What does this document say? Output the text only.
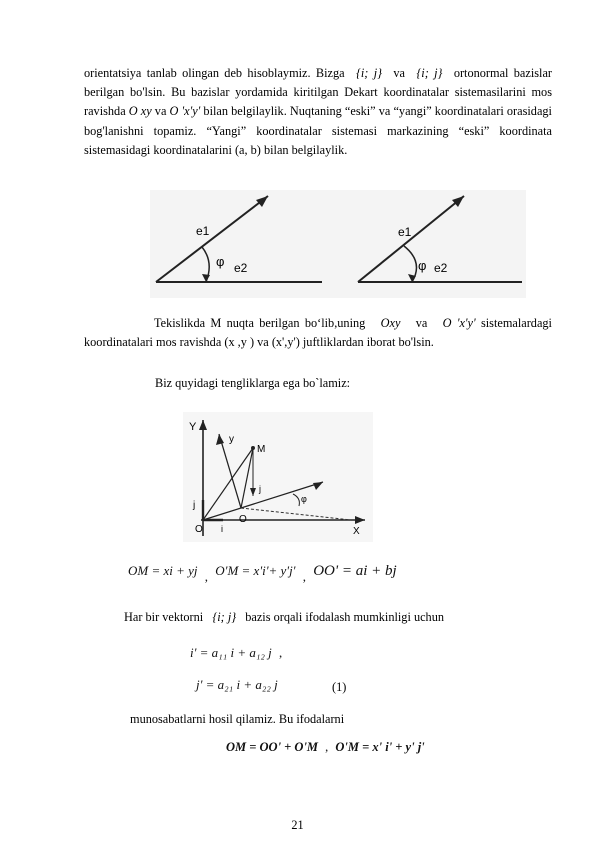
orientatsiya tanlab olingan deb hisoblaymiz. Bizga {i; j} va {i; j} ortonormal bazislar berilgan bo'lsin. Bu bazislar yordamida kiritilgan Dekart koordinatalar sistemasilarini mos ravishda O xy va O 'x'y' bilan belgilaylik. Nuqtaning “eski” va “yangi” koordinatalari orasidagi bog'lanishni topamiz. “Yangi” koordinatalar sistemasi markazining “eski” koordinata sistemasidagi koordinatalarini (a, b) bilan belgilaylik.
e1
φ e2
e1
φ e2
Tekislikda M nuqta berilgan bo‘lib,uning Oxy va O 'x'y' sistemalardagi koordinatalari mos ravishda (x ,y ) va (x',y') juftliklardan iborat bo'lsin.
Biz quyidagi tengliklarga ega bo`lamiz:
Y
X
O
j
i
O
y
M
j
φ
OM = xi + yj , O'M = x'i'+ y'j' , OO' = ai + bj
Har bir vektorni {i; j} bazis orqali ifodalash mumkinligi uchun
i' = a₁₁ i + a₁₂ j ,
j' = a₂₁ i + a₂₂ j	(1)
munosabatlarni hosil qilamiz. Bu ifodalarni
OM = OO' + O'M , O'M = x' i' + y' j'
21
